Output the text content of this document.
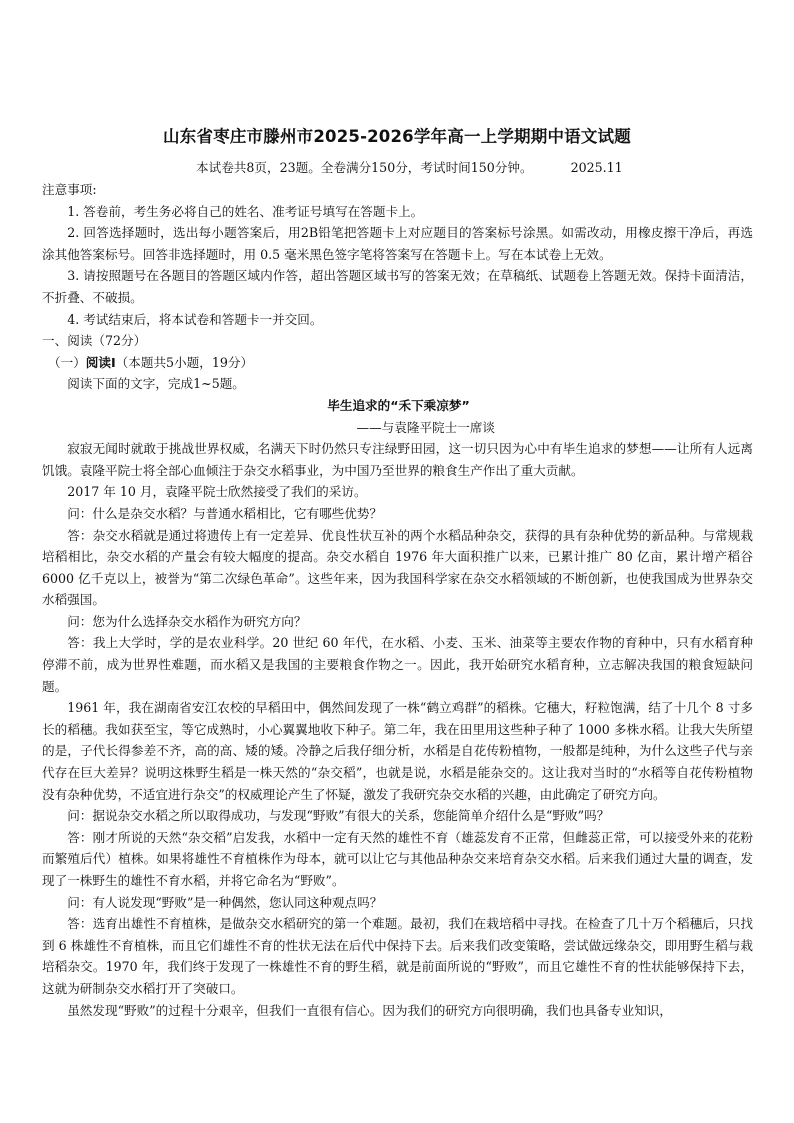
山东省枣庄市滕州市2025-2026学年高一上学期期中语文试题
本试卷共8页，23题。全卷满分150分，考试时间150分钟。	2025.11

注意事项:

1. 答卷前，考生务必将自己的姓名、准考证号填写在答题卡上。

2. 回答选择题时，选出每小题答案后，用2B铅笔把答题卡上对应题目的答案标号涂黑。如需改动，用橡皮擦干净后，再选涂其他答案标号。回答非选择题时，用 0.5 毫米黑色签字笔将答案写在答题卡上。写在本试卷上无效。

3. 请按照题号在各题目的答题区域内作答，超出答题区域书写的答案无效；在草稿纸、试题卷上答题无效。保持卡面清洁，不折叠、不破损。

4. 考试结束后，将本试卷和答题卡一并交回。

一、阅读（72分）

（一）阅读Ⅰ（本题共5小题，19分）

阅读下面的文字，完成1~5题。

毕生追求的“禾下乘凉梦”

——与袁隆平院士一席谈

寂寂无闻时就敢于挑战世界权威，名满天下时仍然只专注绿野田园，这一切只因为心中有毕生追求的梦想——让所有人远离饥饿。袁隆平院士将全部心血倾注于杂交水稻事业，为中国乃至世界的粮食生产作出了重大贡献。

2017 年 10 月，袁隆平院士欣然接受了我们的采访。

问：什么是杂交水稻？与普通水稻相比，它有哪些优势？

答：杂交水稻就是通过将遗传上有一定差异、优良性状互补的两个水稻品种杂交，获得的具有杂种优势的新品种。与常规栽培稻相比，杂交水稻的产量会有较大幅度的提高。杂交水稻自 1976 年大面积推广以来，已累计推广 80 亿亩，累计增产稻谷 6000 亿千克以上，被誉为“第二次绿色革命”。这些年来，因为我国科学家在杂交水稻领域的不断创新，也使我国成为世界杂交水稻强国。

问：您为什么选择杂交水稻作为研究方向？

答：我上大学时，学的是农业科学。20 世纪 60 年代，在水稻、小麦、玉米、油菜等主要农作物的育种中，只有水稻育种停滞不前，成为世界性难题，而水稻又是我国的主要粮食作物之一。因此，我开始研究水稻育种，立志解决我国的粮食短缺问题。

1961 年，我在湖南省安江农校的早稻田中，偶然间发现了一株“鹤立鸡群”的稻株。它穗大，籽粒饱满，结了十几个 8 寸多长的稻穗。我如获至宝，等它成熟时，小心翼翼地收下种子。第二年，我在田里用这些种子种了 1000 多株水稻。让我大失所望的是，子代长得参差不齐，高的高、矮的矮。冷静之后我仔细分析，水稻是自花传粉植物，一般都是纯种，为什么这些子代与亲代存在巨大差异？说明这株野生稻是一株天然的“杂交稻”，也就是说，水稻是能杂交的。这让我对当时的“水稻等自花传粉植物没有杂种优势，不适宜进行杂交”的权威理论产生了怀疑，激发了我研究杂交水稻的兴趣，由此确定了研究方向。

问：据说杂交水稻之所以取得成功，与发现“野败”有很大的关系，您能简单介绍什么是“野败”吗？

答：刚才所说的天然“杂交稻”启发我，水稻中一定有天然的雄性不育（雄蕊发育不正常，但雌蕊正常，可以接受外来的花粉而繁殖后代）植株。如果将雄性不育植株作为母本，就可以让它与其他品种杂交来培育杂交水稻。后来我们通过大量的调查，发现了一株野生的雄性不育水稻，并将它命名为“野败”。

问：有人说发现“野败”是一种偶然，您认同这种观点吗？

答：选育出雄性不育植株，是做杂交水稻研究的第一个难题。最初，我们在栽培稻中寻找。在检查了几十万个稻穗后，只找到 6 株雄性不育植株，而且它们雄性不育的性状无法在后代中保持下去。后来我们改变策略，尝试做远缘杂交，即用野生稻与栽培稻杂交。1970 年，我们终于发现了一株雄性不育的野生稻，就是前面所说的“野败”，而且它雄性不育的性状能够保持下去，这就为研制杂交水稻打开了突破口。

虽然发现“野败”的过程十分艰辛，但我们一直很有信心。因为我们的研究方向很明确，我们也具备专业知识，
